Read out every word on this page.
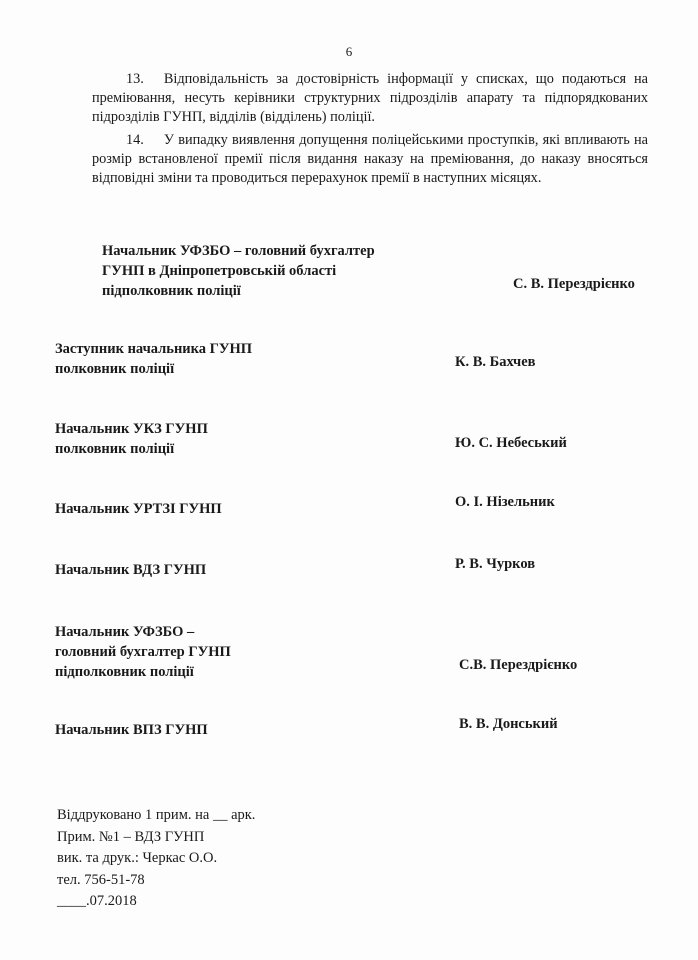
6
13. Відповідальність за достовірність інформації у списках, що подаються на преміювання, несуть керівники структурних підрозділів апарату та підпорядкованих підрозділів ГУНП, відділів (відділень) поліції.
14. У випадку виявлення допущення поліцейськими проступків, які впливають на розмір встановленої премії після видання наказу на преміювання, до наказу вносяться відповідні зміни та проводиться перерахунок премії в наступних місяцях.
Начальник УФЗБО – головний бухгалтер
ГУНП в Дніпропетровській області
підполковник поліції	С. В. Перездрієнко
Заступник начальника ГУНП
полковник поліції	К. В. Бахчев
Начальник УКЗ ГУНП
полковник поліції	Ю. С. Небеський
Начальник УРТЗІ ГУНП	О. І. Нізельник
Начальник ВДЗ ГУНП	Р. В. Чурков
Начальник УФЗБО –
головний бухгалтер ГУНП
підполковник поліції	С.В. Перездрієнко
Начальник ВПЗ ГУНП	В. В. Донський
Віддруковано 1 прим. на __ арк.
Прим. №1 – ВДЗ ГУНП
вик. та друк.: Черкас О.О.
тел. 756-51-78
____.07.2018
